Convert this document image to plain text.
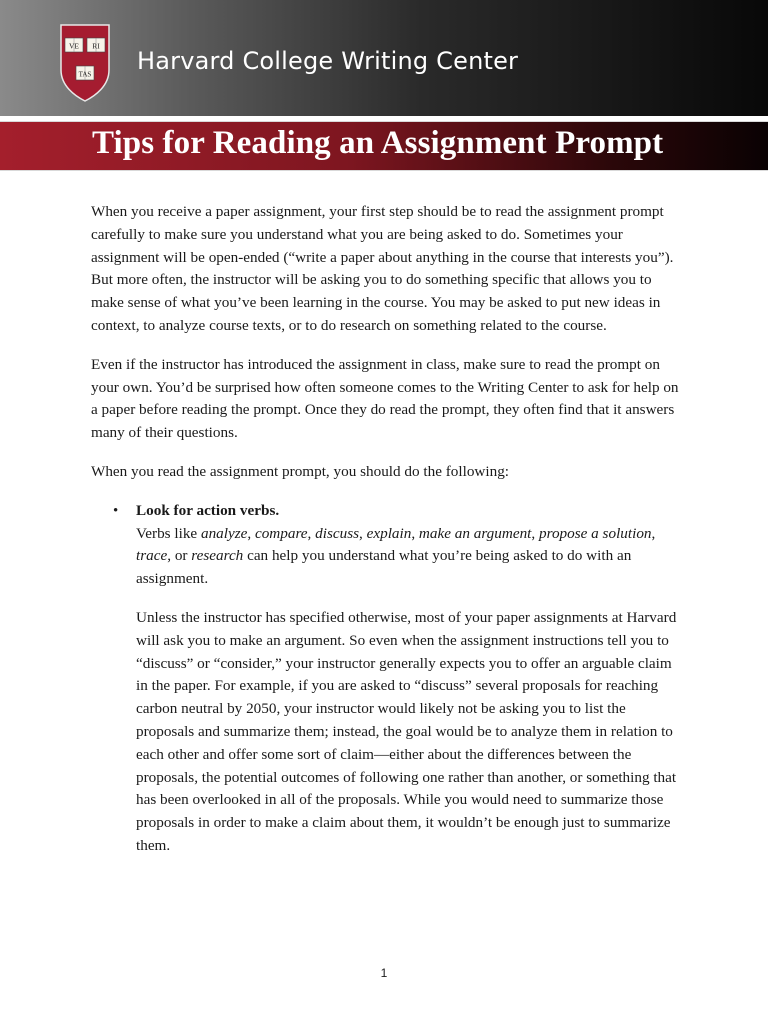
VE RI
TAS Harvard College Writing Center
Tips for Reading an Assignment Prompt

When you receive a paper assignment, your first step should be to read the assignment prompt carefully to make sure you understand what you are being asked to do. Sometimes your assignment will be open-ended (“write a paper about anything in the course that interests you”). But more often, the instructor will be asking you to do something specific that allows you to make sense of what you’ve been learning in the course. You may be asked to put new ideas in context, to analyze course texts, or to do research on something related to the course.

Even if the instructor has introduced the assignment in class, make sure to read the prompt on your own. You’d be surprised how often someone comes to the Writing Center to ask for help on a paper before reading the prompt. Once they do read the prompt, they often find that it answers many of their questions.

When you read the assignment prompt, you should do the following:

• Look for action verbs.
Verbs like analyze, compare, discuss, explain, make an argument, propose a solution, trace, or research can help you understand what you’re being asked to do with an assignment.
Unless the instructor has specified otherwise, most of your paper assignments at Harvard will ask you to make an argument. So even when the assignment instructions tell you to “discuss” or “consider,” your instructor generally expects you to offer an arguable claim in the paper. For example, if you are asked to “discuss” several proposals for reaching carbon neutral by 2050, your instructor would likely not be asking you to list the proposals and summarize them; instead, the goal would be to analyze them in relation to each other and offer some sort of claim—either about the differences between the proposals, the potential outcomes of following one rather than another, or something that has been overlooked in all of the proposals. While you would need to summarize those proposals in order to make a claim about them, it wouldn’t be enough just to summarize them.
1
